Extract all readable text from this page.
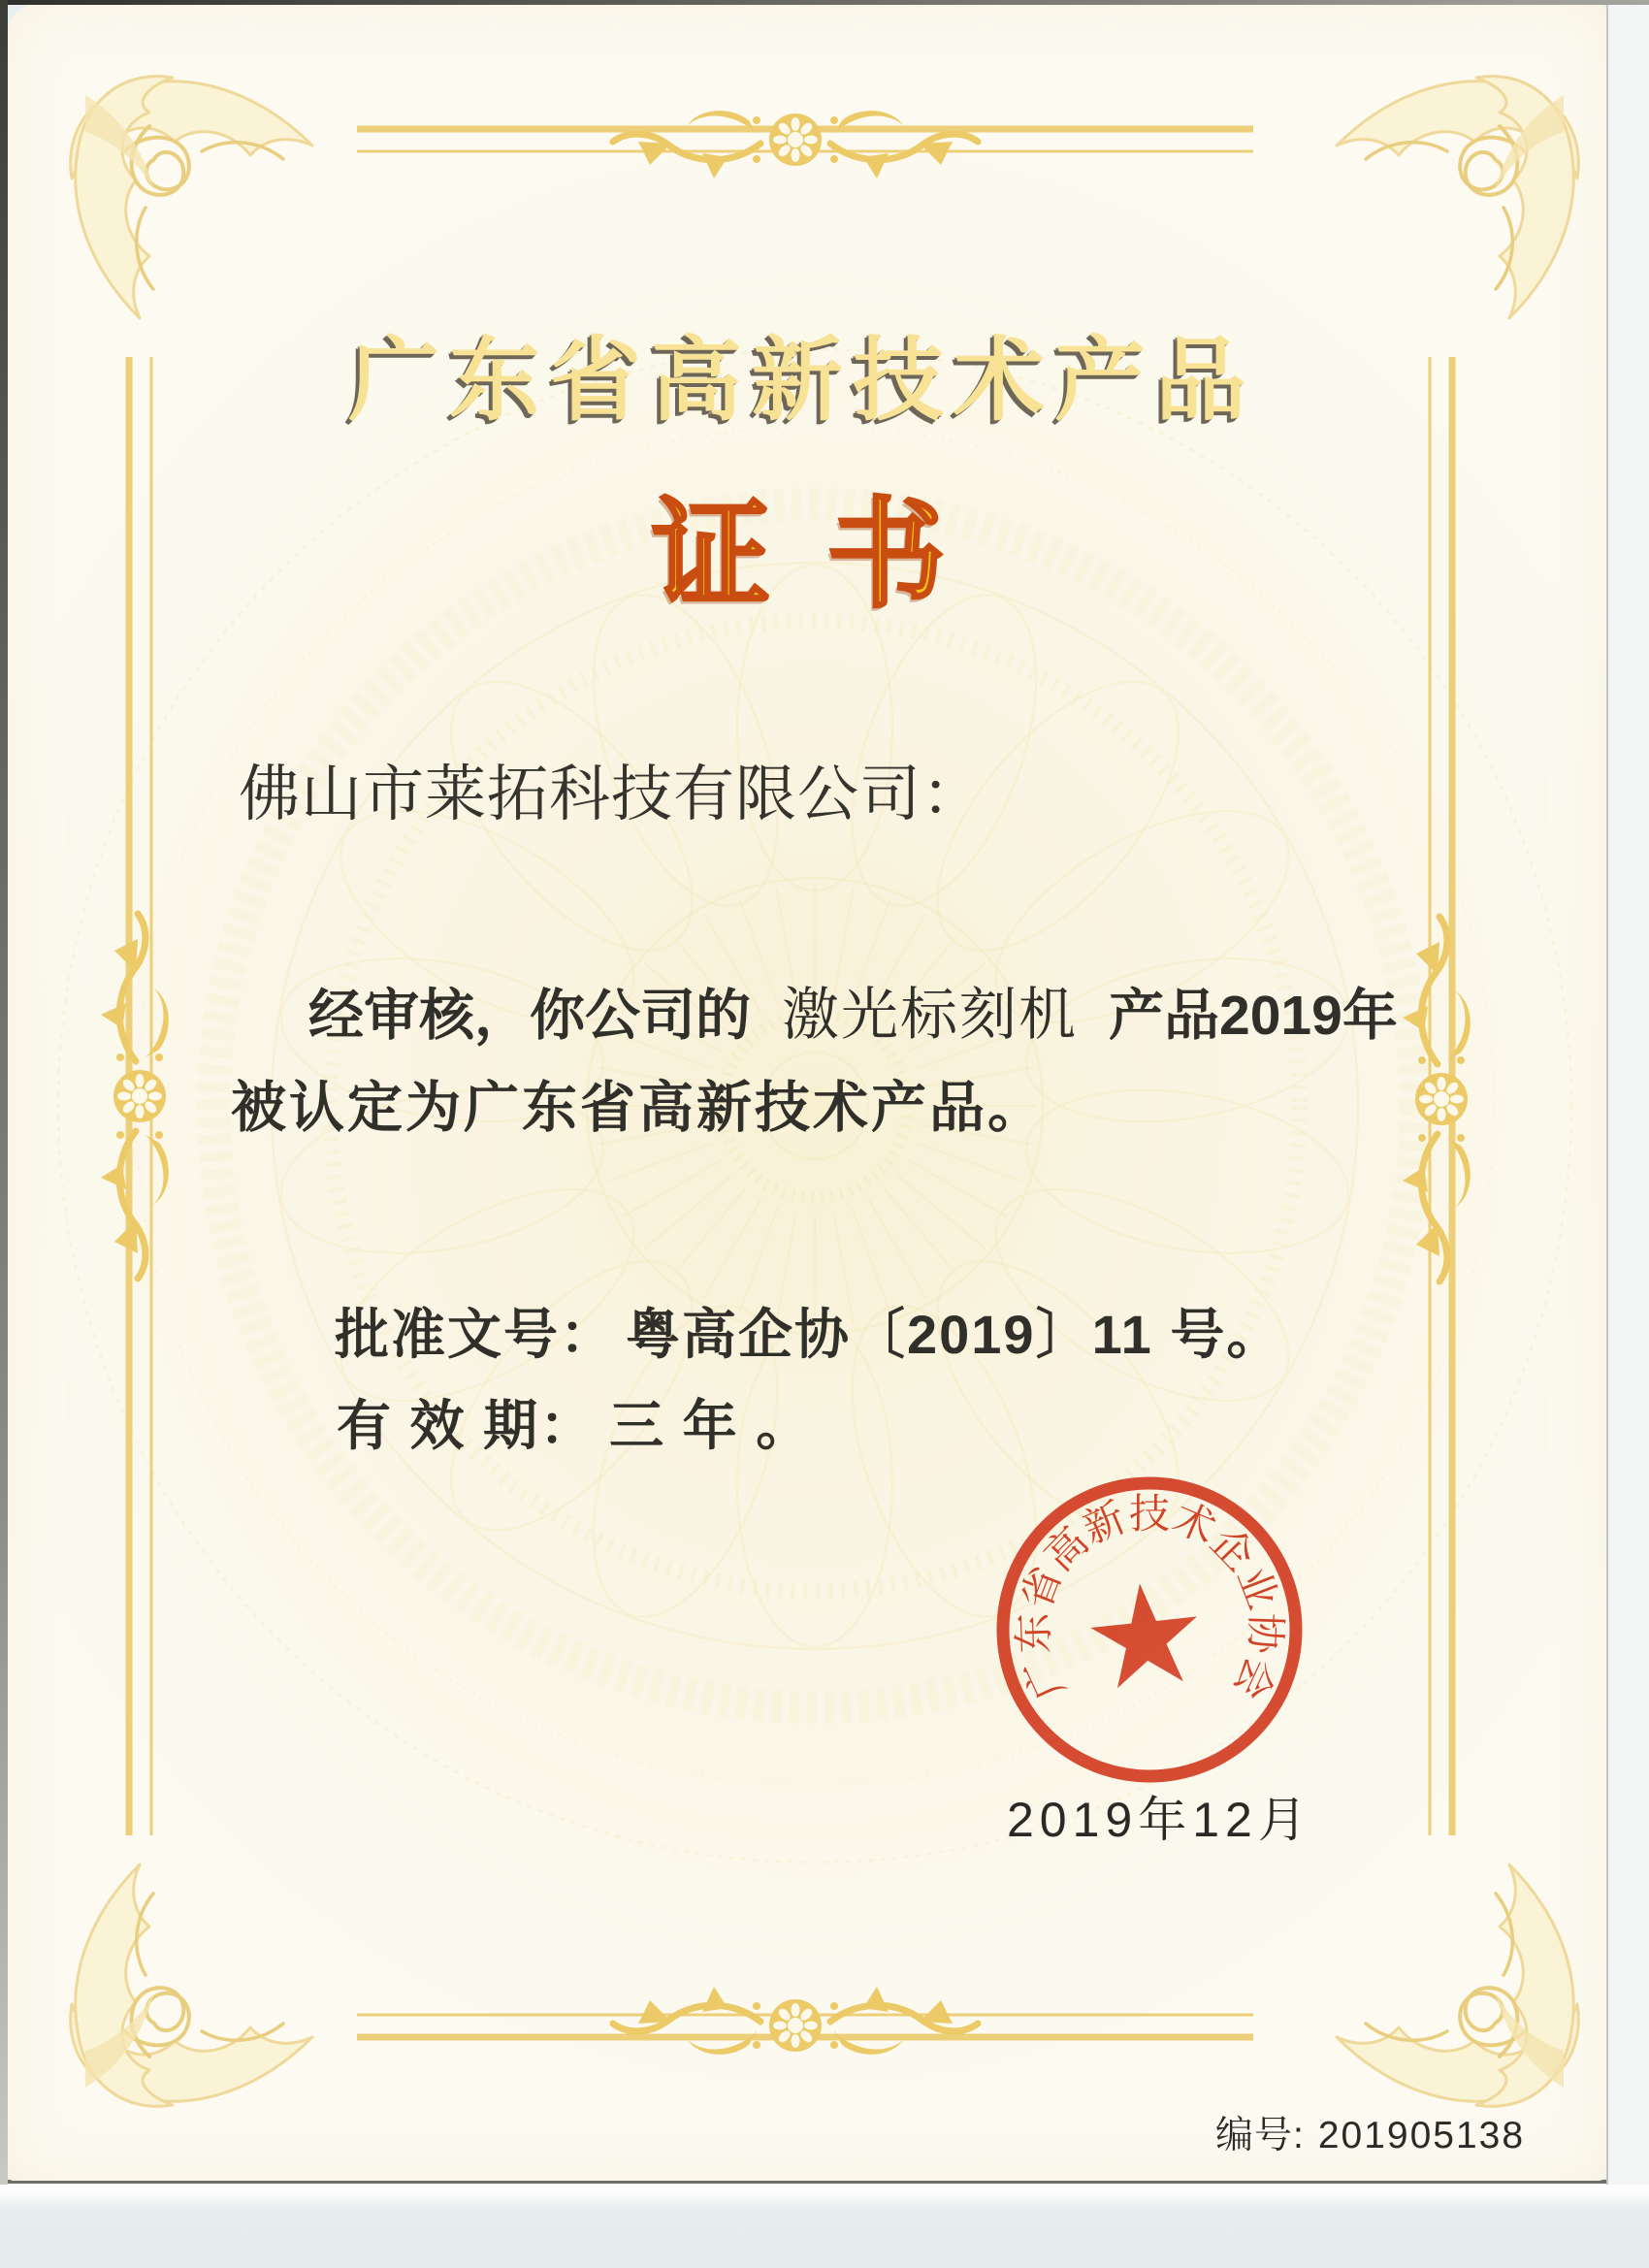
广东省高新技术产品
证 书
佛山市莱拓科技有限公司：
经审核，你公司的 激光标刻机 产品2019年
被认定为广东省高新技术产品。
批准文号： 粤高企协〔2019〕11 号。
有 效 期： 三 年 。
2019年12月
编号: 201905138
广东省高新技术企业协会
